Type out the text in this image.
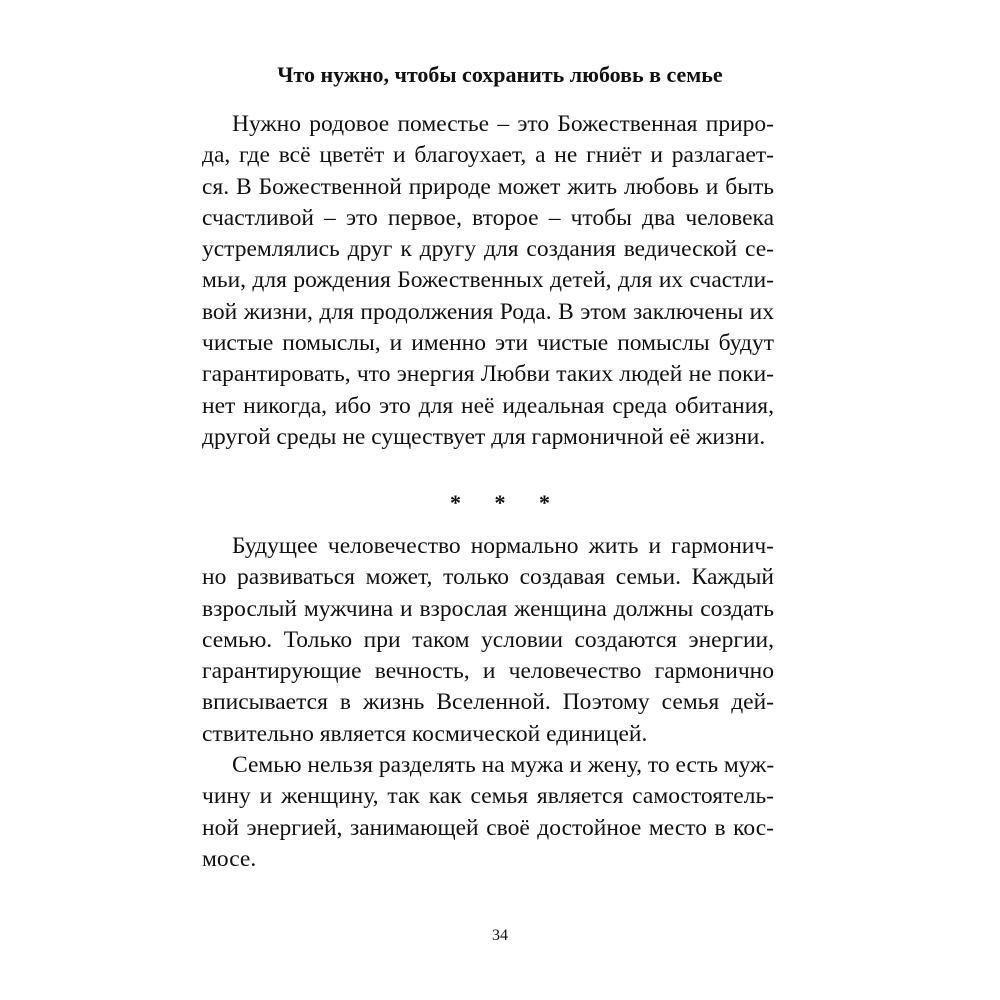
Что нужно, чтобы сохранить любовь в семье
Нужно родовое поместье – это Божественная приро-
да, где всё цветёт и благоухает, а не гниёт и разлагает-
ся. В Божественной природе может жить любовь и быть
счастливой – это первое, второе – чтобы два человека
устремлялись друг к другу для создания ведической се-
мьи, для рождения Божественных детей, для их счастли-
вой жизни, для продолжения Рода. В этом заключены их
чистые помыслы, и именно эти чистые помыслы будут
гарантировать, что энергия Любви таких людей не поки-
нет никогда, ибо это для неё идеальная среда обитания,
другой среды не существует для гармоничной её жизни.
* * *
Будущее человечество нормально жить и гармонич-
но развиваться может, только создавая семьи. Каждый
взрослый мужчина и взрослая женщина должны создать
семью. Только при таком условии создаются энергии,
гарантирующие вечность, и человечество гармонично
вписывается в жизнь Вселенной. Поэтому семья дей-
ствительно является космической единицей.
Семью нельзя разделять на мужа и жену, то есть муж-
чину и женщину, так как семья является самостоятель-
ной энергией, занимающей своё достойное место в кос-
мосе.
34
